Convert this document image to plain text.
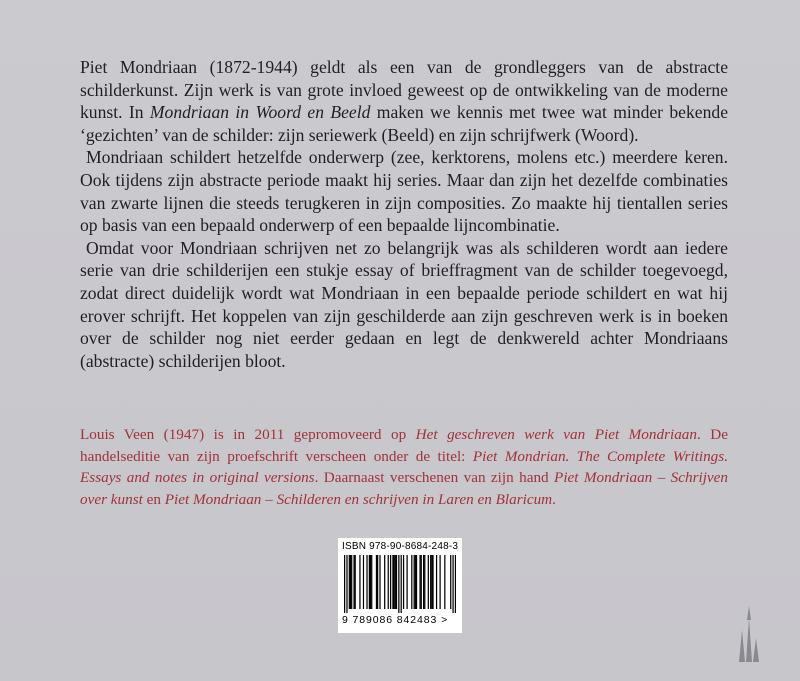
Piet Mondriaan (1872-1944) geldt als een van de grondleggers van de abstracte schilderkunst. Zijn werk is van grote invloed geweest op de ontwikkeling van de moderne kunst. In Mondriaan in Woord en Beeld maken we kennis met twee wat minder bekende ‘gezichten’ van de schilder: zijn seriewerk (Beeld) en zijn schrijfwerk (Woord).

Mondriaan schildert hetzelfde onderwerp (zee, kerktorens, molens etc.) meerdere keren. Ook tijdens zijn abstracte periode maakt hij series. Maar dan zijn het dezelfde combinaties van zwarte lijnen die steeds terugkeren in zijn composities. Zo maakte hij tientallen series op basis van een bepaald onderwerp of een bepaalde lijncombinatie.

Omdat voor Mondriaan schrijven net zo belangrijk was als schilderen wordt aan iedere serie van drie schilderijen een stukje essay of brieffragment van de schilder toegevoegd, zodat direct duidelijk wordt wat Mondriaan in een bepaalde periode schildert en wat hij erover schrijft. Het koppelen van zijn geschilderde aan zijn geschreven werk is in boeken over de schilder nog niet eerder gedaan en legt de denkwereld achter Mondriaans (abstracte) schilderijen bloot.

Louis Veen (1947) is in 2011 gepromoveerd op Het geschreven werk van Piet Mondriaan. De handelseditie van zijn proefschrift verscheen onder de titel: Piet Mondrian. The Complete Writings. Essays and notes in original versions. Daarnaast verschenen van zijn hand Piet Mondriaan – Schrijven over kunst en Piet Mondriaan – Schilderen en schrijven in Laren en Blaricum.
ISBN 978-90-8684-248-3
9 789086 842483 >
